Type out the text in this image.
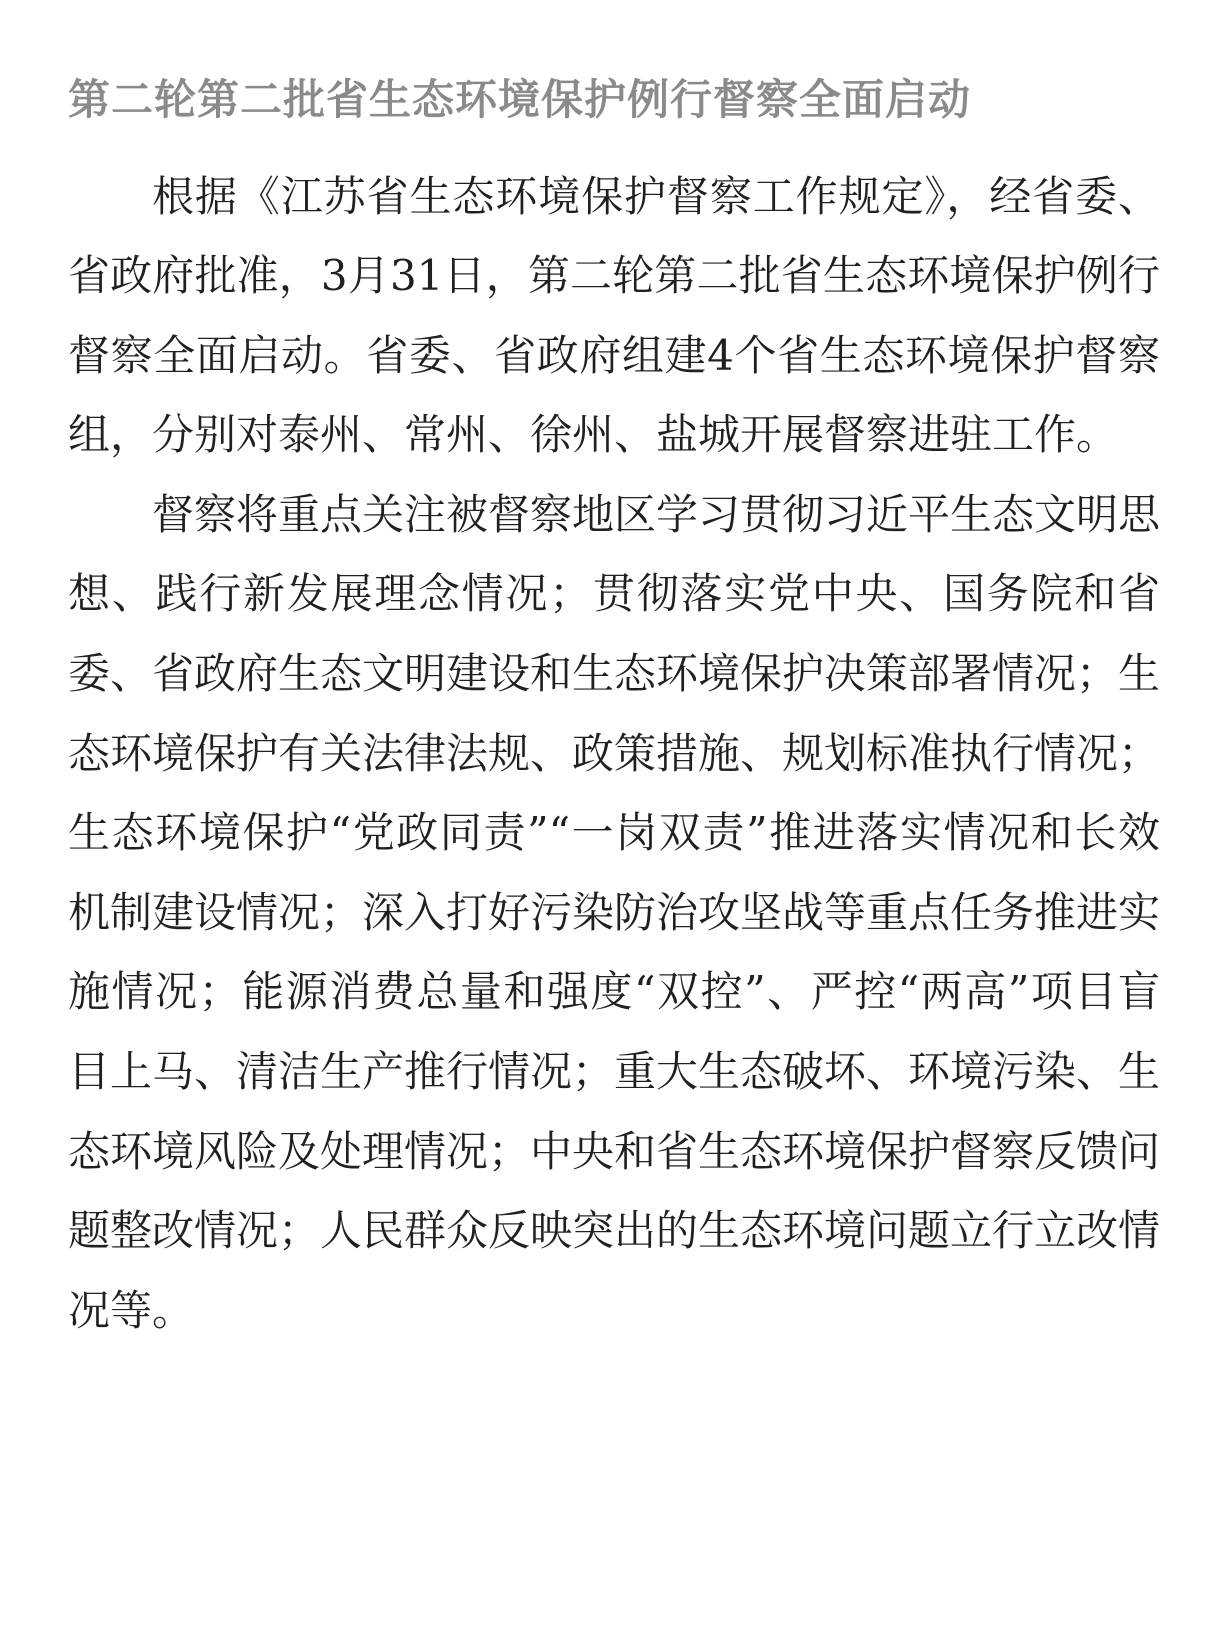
第二轮第二批省生态环境保护例行督察全面启动

根据《江苏省生态环境保护督察工作规定》，经省委、省政府批准，3月31日，第二轮第二批省生态环境保护例行督察全面启动。省委、省政府组建4个省生态环境保护督察组，分别对泰州、常州、徐州、盐城开展督察进驻工作。

督察将重点关注被督察地区学习贯彻习近平生态文明思想、践行新发展理念情况；贯彻落实党中央、国务院和省委、省政府生态文明建设和生态环境保护决策部署情况；生态环境保护有关法律法规、政策措施、规划标准执行情况；生态环境保护“党政同责”“一岗双责”推进落实情况和长效机制建设情况；深入打好污染防治攻坚战等重点任务推进实施情况；能源消费总量和强度“双控”、严控“两高”项目盲目上马、清洁生产推行情况；重大生态破坏、环境污染、生态环境风险及处理情况；中央和省生态环境保护督察反馈问题整改情况；人民群众反映突出的生态环境问题立行立改情况等。
